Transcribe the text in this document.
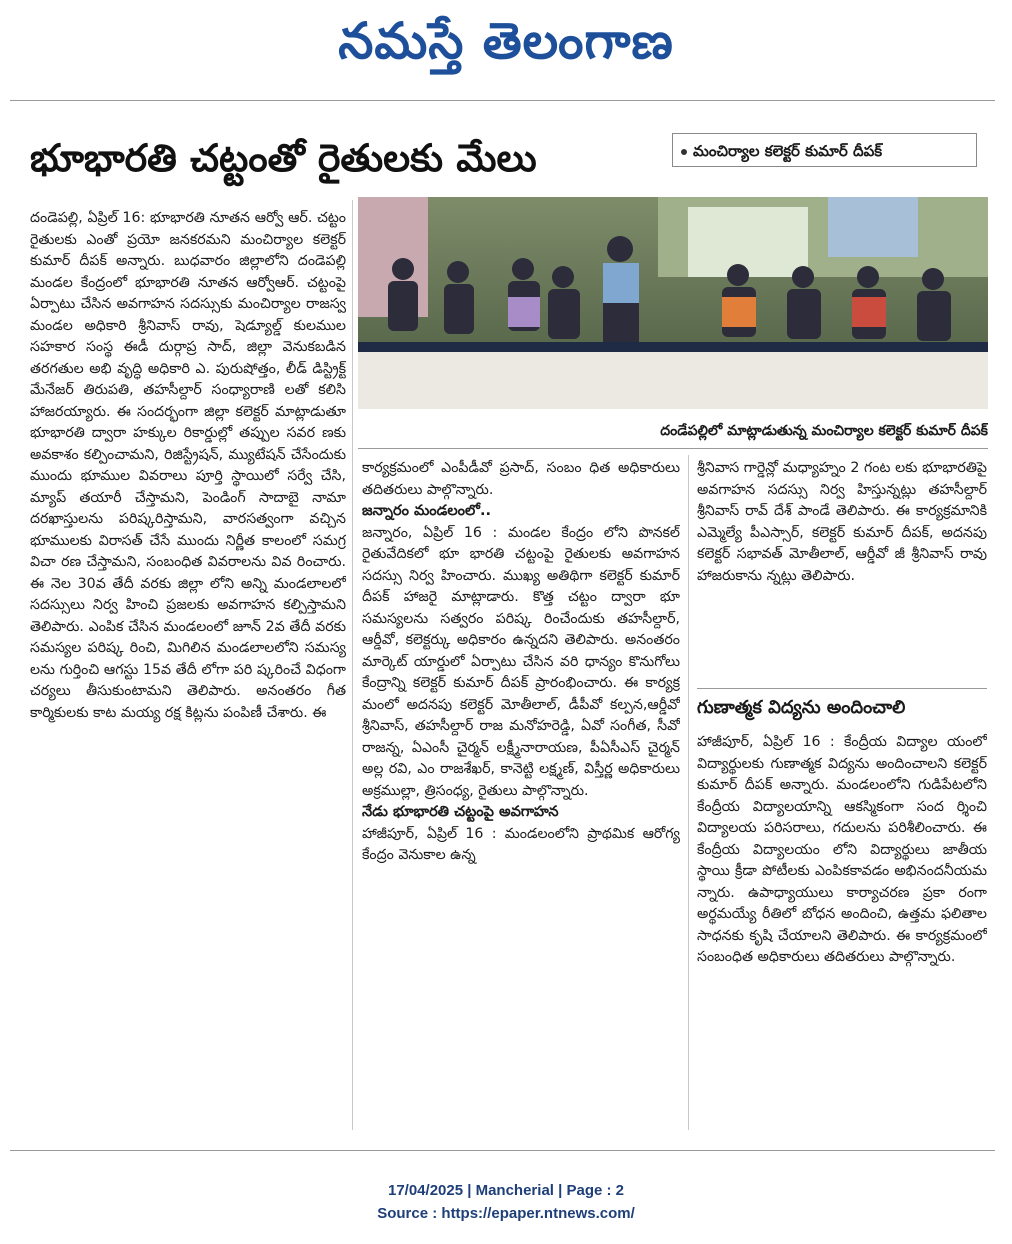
నమస్తే తెలంగాణ
భూభారతి చట్టంతో రైతులకు మేలు	మంచిర్యాల కలెక్టర్ కుమార్ దీపక్

దండెపల్లి, ఏప్రిల్ 16: భూభారతి నూతన ఆర్వో ఆర్. చట్టం రైతులకు ఎంతో ప్రయో జనకరమని మంచిర్యాల కలెక్టర్ కుమార్ దీపక్ అన్నారు. బుధవారం జిల్లాలోని దండెపల్లి మండల కేంద్రంలో భూభారతి నూతన ఆర్వోఆర్. చట్టంపై ఏర్పాటు చేసిన అవగాహన సదస్సుకు మంచిర్యాల రాజస్వ మండల అధికారి శ్రీనివాస్ రావు, షెడ్యూల్డ్ కులముల సహకార సంస్థ ఈడీ దుర్గాప్ర సాద్, జిల్లా వెనుకబడిన తరగతుల అభి వృద్ధి అధికారి ఎ. పురుషోత్తం, లీడ్ డిస్ట్రిక్ట్ మేనేజర్ తిరుపతి, తహసీల్దార్ సంధ్యారాణి లతో కలిసి హాజరయ్యారు. ఈ సందర్భంగా జిల్లా కలెక్టర్ మాట్లాడుతూ భూభారతి ద్వారా హక్కుల రికార్డుల్లో తప్పుల సవర ణకు అవకాశం కల్పించామని, రిజిస్ట్రేషన్, మ్యుటేషన్ చేసేందుకు ముందు భూముల వివరాలు పూర్తి స్థాయిలో సర్వే చేసి, మ్యాప్ తయారీ చేస్తామని, పెండింగ్ సాదాబై నామా దరఖాస్తులను పరిష్కరిస్తామని, వారసత్వంగా వచ్చిన భూములకు విరాసత్ చేసే ముందు నిర్ణీత కాలంలో సమగ్ర విచా రణ చేస్తామని, సంబంధిత వివరాలను వివ రించారు. ఈ నెల 30వ తేదీ వరకు జిల్లా లోని అన్ని మండలాలలో సదస్సులు నిర్వ హించి ప్రజలకు అవగాహన కల్పిస్తామని తెలిపారు. ఎంపిక చేసిన మండలంలో జూన్ 2వ తేదీ వరకు సమస్యల పరిష్క రించి, మిగిలిన మండలాలలోని సమస్య లను గుర్తించి ఆగస్టు 15వ తేదీ లోగా పరి ష్కరించే విధంగా చర్యలు తీసుకుంటామని తెలిపారు. అనంతరం గీత కార్మికులకు కాట మయ్య రక్ష కిట్లను పంపిణీ చేశారు. ఈ

దండేపల్లిలో మాట్లాడుతున్న మంచిర్యాల కలెక్టర్ కుమార్ దీపక్

కార్యక్రమంలో ఎంపీడీవో ప్రసాద్, సంబం ధిత అధికారులు తదితరులు పాల్గొన్నారు.

జన్నారం మండలంలో..

జన్నారం, ఏప్రిల్ 16 : మండల కేంద్రం లోని పొనకల్ రైతువేదికలో భూ భారతి చట్టంపై రైతులకు అవగాహన సదస్సు నిర్వ హించారు. ముఖ్య అతిథిగా కలెక్టర్ కుమార్ దీపక్ హాజరై మాట్లాడారు. కొత్త చట్టం ద్వారా భూ సమస్యలను సత్వరం పరిష్క రించేందుకు తహసీల్దార్, ఆర్డీవో, కలెక్టర్కు అధికారం ఉన్నదని తెలిపారు. అనంతరం మార్కెట్ యార్డులో ఏర్పాటు చేసిన వరి ధాన్యం కొనుగోలు కేంద్రాన్ని కలెక్టర్ కుమార్ దీపక్ ప్రారంభించారు. ఈ కార్యక్ర మంలో అదనపు కలెక్టర్ మోతీలాల్, డీపీవో కల్పన,ఆర్డీవో శ్రీనివాస్, తహసీల్దార్ రాజ మనోహరెడ్డి, ఏవో సంగీత, సీవో రాజన్న, ఏఎంసీ చైర్మన్ లక్ష్మీనారాయణ, పీఏసీఎస్ చైర్మన్ అల్ల రవి, ఎం రాజశేఖర్, కానెట్టి లక్ష్మణ్, విస్తీర్ణ అధికారులు అక్రముల్లా, త్రిసంధ్య, రైతులు పాల్గొన్నారు.

నేడు భూభారతి చట్టంపై అవగాహన

హాజీపూర్, ఏప్రిల్ 16 : మండలంలోని ప్రాథమిక ఆరోగ్య కేంద్రం వెనుకాల ఉన్న

శ్రీనివాస గార్డెన్లో మధ్యాహ్నం 2 గంట లకు భూభారతిపై అవగాహన సదస్సు నిర్వ హిస్తున్నట్లు తహసీల్దార్ శ్రీనివాస్ రావ్ దేశ్ పాండే తెలిపారు. ఈ కార్యక్రమానికి ఎమ్మెల్యే పీఎస్సార్, కలెక్టర్ కుమార్ దీపక్, అదనపు కలెక్టర్ సభావత్ మోతీలాల్, ఆర్డీవో జీ శ్రీనివాస్ రావు హాజరుకాను న్నట్లు తెలిపారు.

గుణాత్మక విద్యను అందించాలి

హాజీపూర్, ఏప్రిల్ 16 : కేంద్రీయ విద్యాల యంలో విద్యార్థులకు గుణాత్మక విద్యను అందించాలని కలెక్టర్ కుమార్ దీపక్ అన్నారు. మండలంలోని గుడిపేటలోని కేంద్రీయ విద్యాలయాన్ని ఆకస్మికంగా సంద ర్శించి విద్యాలయ పరిసరాలు, గదులను పరిశీలించారు. ఈ కేంద్రీయ విద్యాలయం లోని విద్యార్థులు జాతీయ స్థాయి క్రీడా పోటీలకు ఎంపికకావడం అభినందనీయమ న్నారు. ఉపాధ్యాయులు కార్యాచరణ ప్రకా రంగా అర్థమయ్యే రీతిలో బోధన అందించి, ఉత్తమ ఫలితాల సాధనకు కృషి చేయాలని తెలిపారు. ఈ కార్యక్రమంలో సంబంధిత అధికారులు తదితరులు పాల్గొన్నారు.

17/04/2025 | Mancherial | Page : 2
Source : https://epaper.ntnews.com/
